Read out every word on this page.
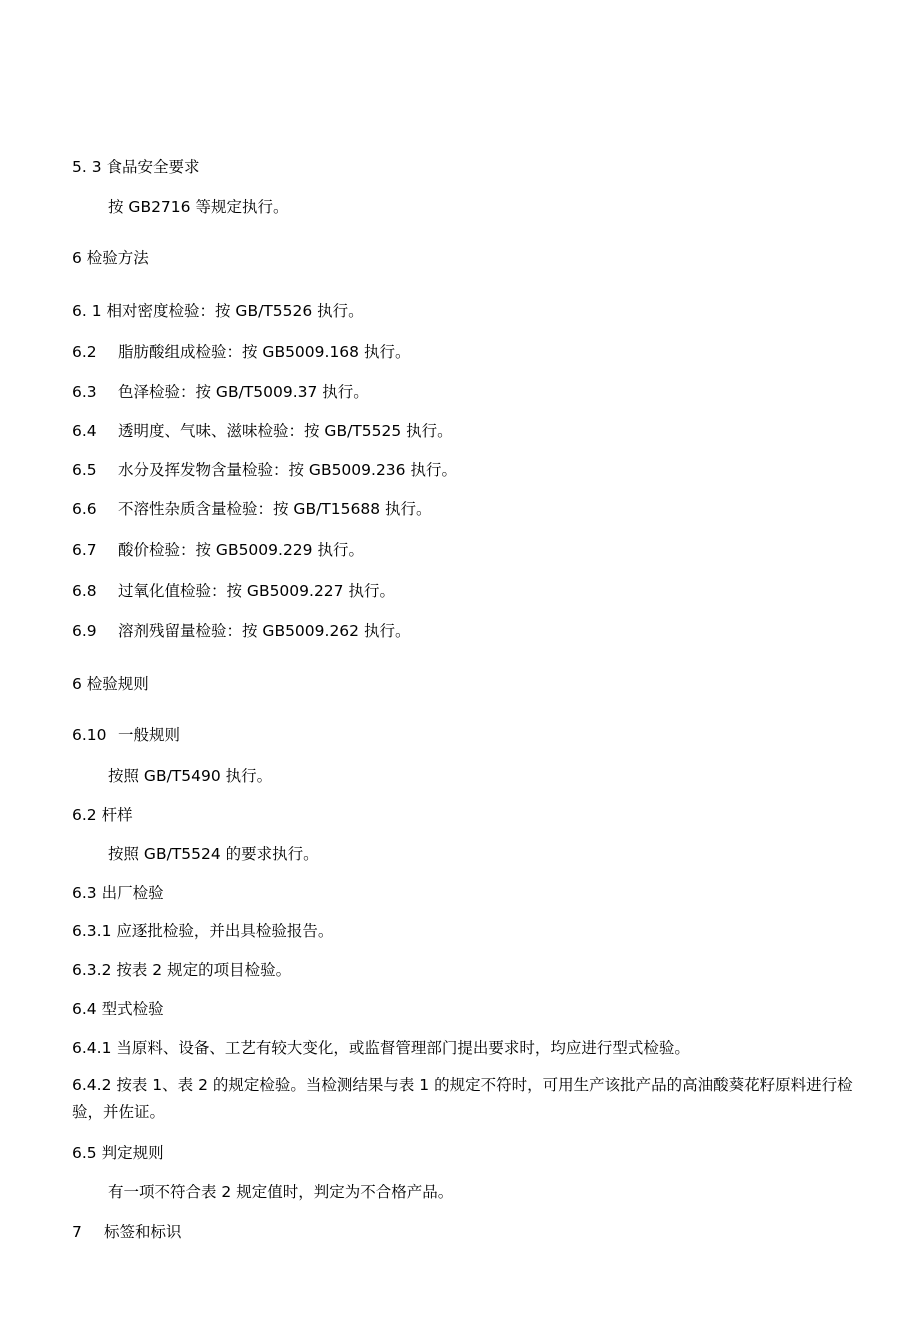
5. 3 食品安全要求
按 GB2716 等规定执行。
6 检验方法
6. 1 相对密度检验：按 GB/T5526 执行。
6.2 脂肪酸组成检验：按 GB5009.168 执行。
6.3 色泽检验：按 GB/T5009.37 执行。
6.4 透明度、气味、滋味检验：按 GB/T5525 执行。
6.5 水分及挥发物含量检验：按 GB5009.236 执行。
6.6 不溶性杂质含量检验：按 GB/T15688 执行。
6.7 酸价检验：按 GB5009.229 执行。
6.8 过氧化值检验：按 GB5009.227 执行。
6.9 溶剂残留量检验：按 GB5009.262 执行。
6 检验规则
6.10 一般规则
按照 GB/T5490 执行。
6.2 杆样
按照 GB/T5524 的要求执行。
6.3 出厂检验
6.3.1 应逐批检验，并出具检验报告。
6.3.2 按表 2 规定的项目检验。
6.4 型式检验
6.4.1 当原料、设备、工艺有较大变化，或监督管理部门提出要求时，均应进行型式检验。
6.4.2 按表 1、表 2 的规定检验。当检测结果与表 1 的规定不符时，可用生产该批产品的高油酸葵花籽原料进行检验，并佐证。
6.5 判定规则
有一项不符合表 2 规定值时，判定为不合格产品。
7 标签和标识
